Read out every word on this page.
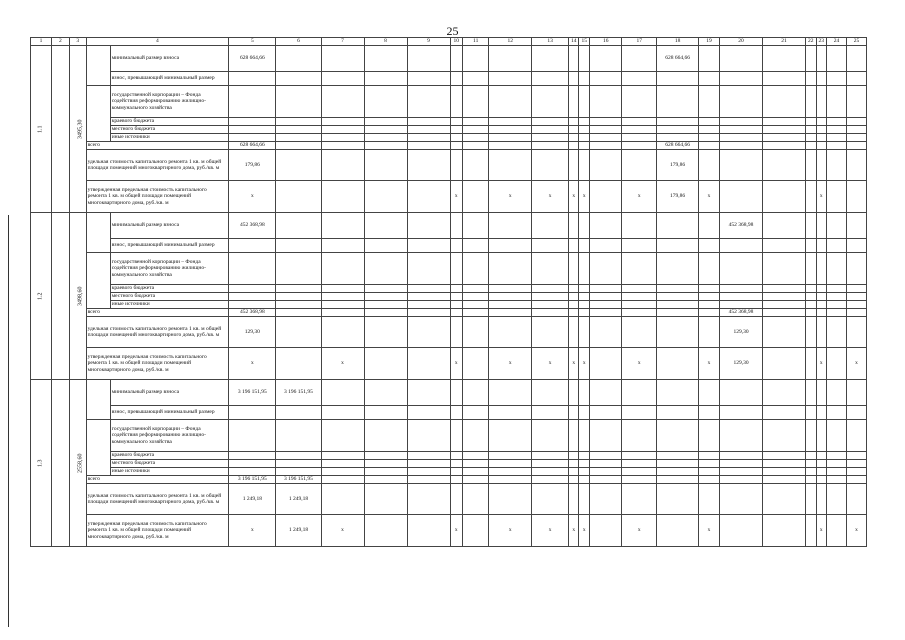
25
1	2	3	4		5	6	7	8	9	10	11	12	13	14	15	16	17	18	19	20	21	22	23	24	25
1.1		3495,30		минимальный размер взноса	628 664,66													628 664,66							
				взнос, превышающий минимальный размер																					
	государственной корпорации – Фонда содействия реформированию жилищно-коммунального хозяйства																					
				краевого бюджета																					
				местного бюджета																					
				иные источники																					
			всего		628 664,66													628 664,66							
			удельная стоимость капитального ремонта 1 кв. м общей площади помещений многоквартирного дома, руб./кв. м		179,86													179,86							
			утвержденная предельная стоимость капитального ремонта 1 кв. м общей площади помещений многоквартирного дома, руб./кв. м		х					х		х	х	х	х		х	179,86	х				х		
1.2		3498,60		минимальный размер взноса	452 368,98															452 368,98					
				взнос, превышающий минимальный размер																					
	государственной корпорации – Фонда содействия реформированию жилищно-коммунального хозяйства																					
				краевого бюджета																					
				местного бюджета																					
				иные источники																					
			всего		452 368,98															452 368,98					
			удельная стоимость капитального ремонта 1 кв. м общей площади помещений многоквартирного дома, руб./кв. м		129,30															129,30					
			утвержденная предельная стоимость капитального ремонта 1 кв. м общей площади помещений многоквартирного дома, руб./кв. м		х		х			х		х	х	х	х		х		х	129,30			х		х
1.3		2558,60		минимальный размер взноса	3 196 151,95	3 196 151,95																			
				взнос, превышающий минимальный размер																					
	государственной корпорации – Фонда содействия реформированию жилищно-коммунального хозяйства																					
				краевого бюджета																					
				местного бюджета																					
				иные источники																					
			всего		3 196 151,95	3 196 151,95																			
			удельная стоимость капитального ремонта 1 кв. м общей площади помещений многоквартирного дома, руб./кв. м		1 249,18	1 249,18																			
			утвержденная предельная стоимость капитального ремонта 1 кв. м общей площади помещений многоквартирного дома, руб./кв. м		х	1 249,18	х			х		х	х	х	х		х		х				х		х
